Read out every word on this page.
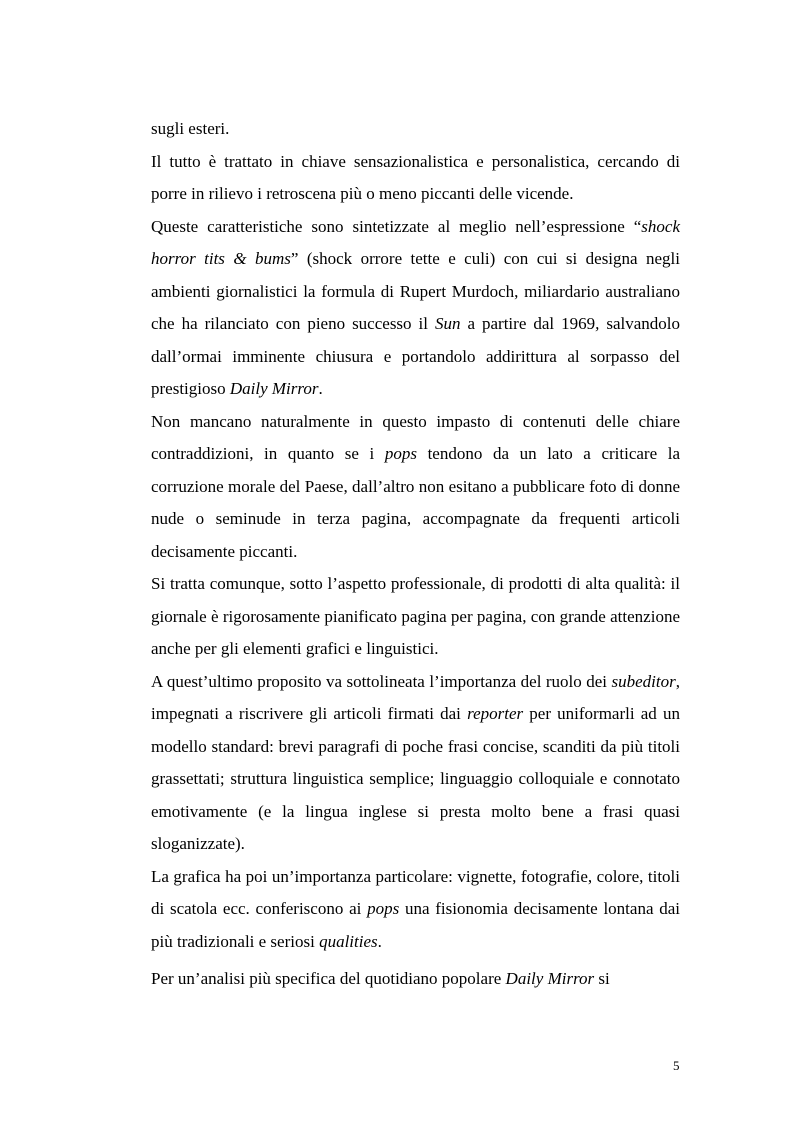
sugli esteri.

Il tutto è trattato in chiave sensazionalistica e personalistica, cercando di porre in rilievo i retroscena più o meno piccanti delle vicende.

Queste caratteristiche sono sintetizzate al meglio nell’espressione “shock horror tits & bums” (shock orrore tette e culi) con cui si designa negli ambienti giornalistici la formula di Rupert Murdoch, miliardario australiano che ha rilanciato con pieno successo il Sun a partire dal 1969, salvandolo dall’ormai imminente chiusura e portandolo addirittura al sorpasso del prestigioso Daily Mirror.

Non mancano naturalmente in questo impasto di contenuti delle chiare contraddizioni, in quanto se i pops tendono da un lato a criticare la corruzione morale del Paese, dall’altro non esitano a pubblicare foto di donne nude o seminude in terza pagina, accompagnate da frequenti articoli decisamente piccanti.

Si tratta comunque, sotto l’aspetto professionale, di prodotti di alta qualità: il giornale è rigorosamente pianificato pagina per pagina, con grande attenzione anche per gli elementi grafici e linguistici.

A quest’ultimo proposito va sottolineata l’importanza del ruolo dei subeditor, impegnati a riscrivere gli articoli firmati dai reporter per uniformarli ad un modello standard: brevi paragrafi di poche frasi concise, scanditi da più titoli grassettati; struttura linguistica semplice; linguaggio colloquiale e connotato emotivamente (e la lingua inglese si presta molto bene a frasi quasi sloganizzate).

La grafica ha poi un’importanza particolare: vignette, fotografie, colore, titoli di scatola ecc. conferiscono ai pops una fisionomia decisamente lontana dai più tradizionali e seriosi qualities.

Per un’analisi più specifica del quotidiano popolare Daily Mirror si

5
